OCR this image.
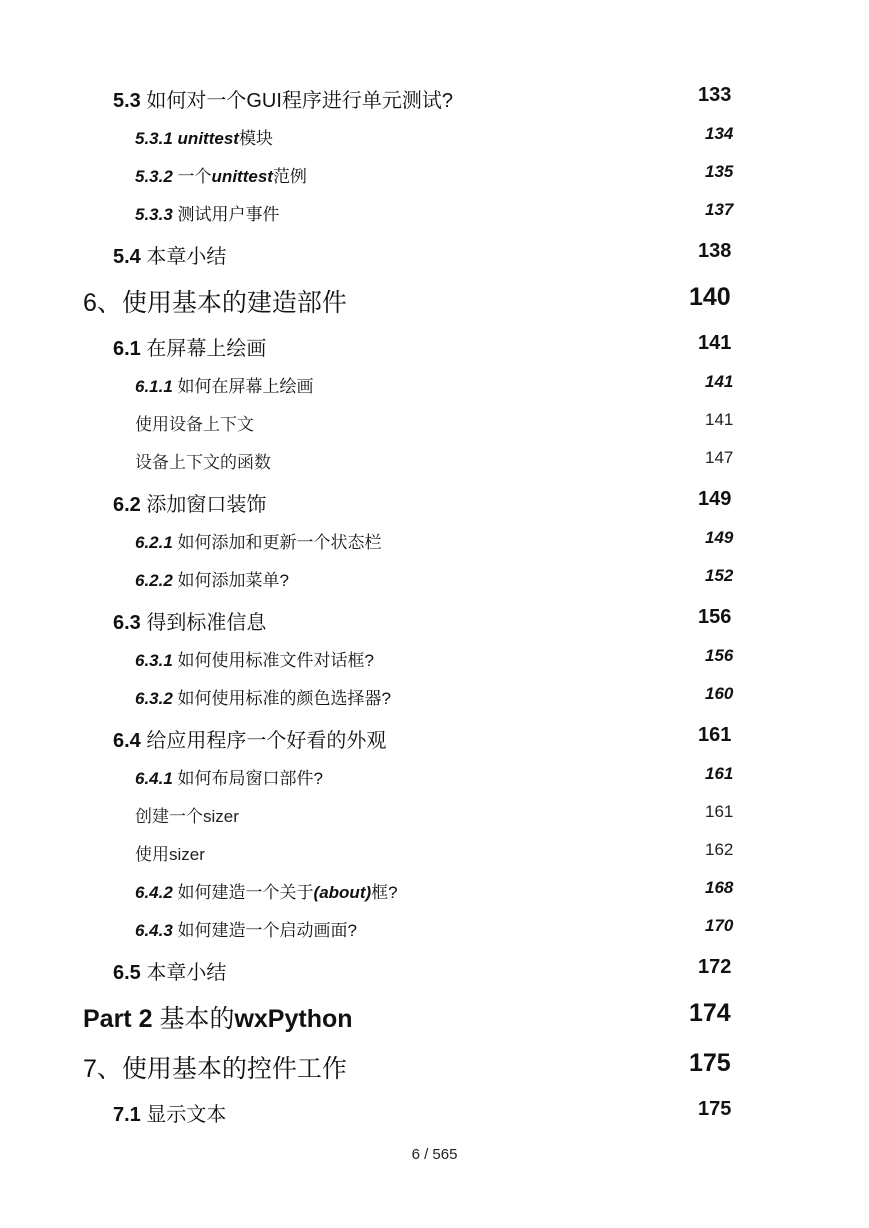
5.3 如何对一个GUI程序进行单元测试?	133
5.3.1 unittest模块	134
5.3.2 一个unittest范例	135
5.3.3 测试用户事件	137
5.4 本章小结	138
6、使用基本的建造部件	140
6.1 在屏幕上绘画	141
6.1.1 如何在屏幕上绘画	141
使用设备上下文	141
设备上下文的函数	147
6.2 添加窗口装饰	149
6.2.1 如何添加和更新一个状态栏	149
6.2.2 如何添加菜单?	152
6.3 得到标准信息	156
6.3.1 如何使用标准文件对话框?	156
6.3.2 如何使用标准的颜色选择器?	160
6.4 给应用程序一个好看的外观	161
6.4.1 如何布局窗口部件?	161
创建一个sizer	161
使用sizer	162
6.4.2 如何建造一个关于(about)框?	168
6.4.3 如何建造一个启动画面?	170
6.5 本章小结	172
Part 2 基本的wxPython	174
7、使用基本的控件工作	175
7.1 显示文本	175
6 / 565
